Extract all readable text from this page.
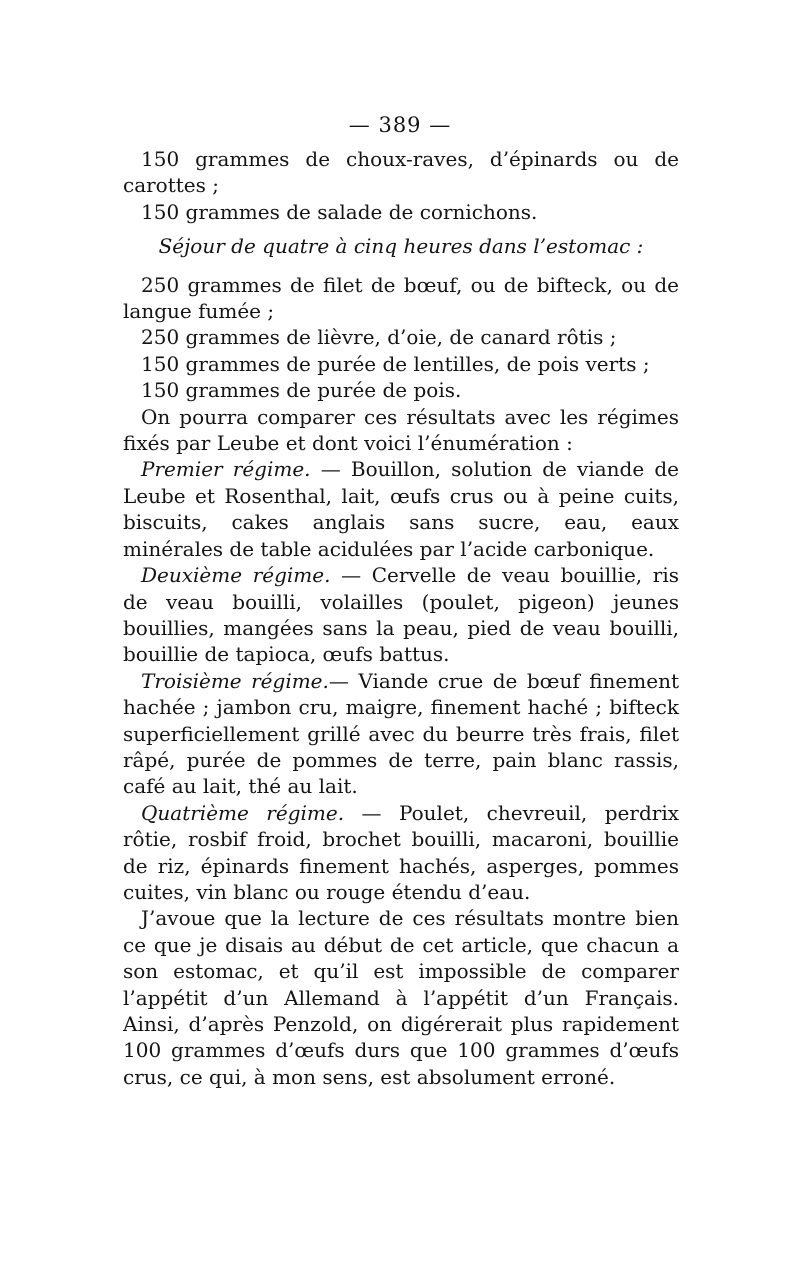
— 389 —

150 grammes de choux-raves, d’épinards ou de carottes ;

150 grammes de salade de cornichons.

Séjour de quatre à cinq heures dans l’estomac :

250 grammes de filet de bœuf, ou de bifteck, ou de langue fumée ;

250 grammes de lièvre, d’oie, de canard rôtis ;

150 grammes de purée de lentilles, de pois verts ;

150 grammes de purée de pois.

On pourra comparer ces résultats avec les régimes fixés par Leube et dont voici l’énumération :

Premier régime. — Bouillon, solution de viande de Leube et Rosenthal, lait, œufs crus ou à peine cuits, biscuits, cakes anglais sans sucre, eau, eaux minérales de table acidulées par l’acide carbonique.

Deuxième régime. — Cervelle de veau bouillie, ris de veau bouilli, volailles (poulet, pigeon) jeunes bouillies, mangées sans la peau, pied de veau bouilli, bouillie de tapioca, œufs battus.

Troisième régime.— Viande crue de bœuf finement hachée ; jambon cru, maigre, finement haché ; bifteck superficiellement grillé avec du beurre très frais, filet râpé, purée de pommes de terre, pain blanc rassis, café au lait, thé au lait.

Quatrième régime. — Poulet, chevreuil, perdrix rôtie, rosbif froid, brochet bouilli, macaroni, bouillie de riz, épinards finement hachés, asperges, pommes cuites, vin blanc ou rouge étendu d’eau.

J’avoue que la lecture de ces résultats montre bien ce que je disais au début de cet article, que chacun a son estomac, et qu’il est impossible de comparer l’appétit d’un Allemand à l’appétit d’un Français. Ainsi, d’après Penzold, on digérerait plus rapidement 100 grammes d’œufs durs que 100 grammes d’œufs crus, ce qui, à mon sens, est absolument erroné.
